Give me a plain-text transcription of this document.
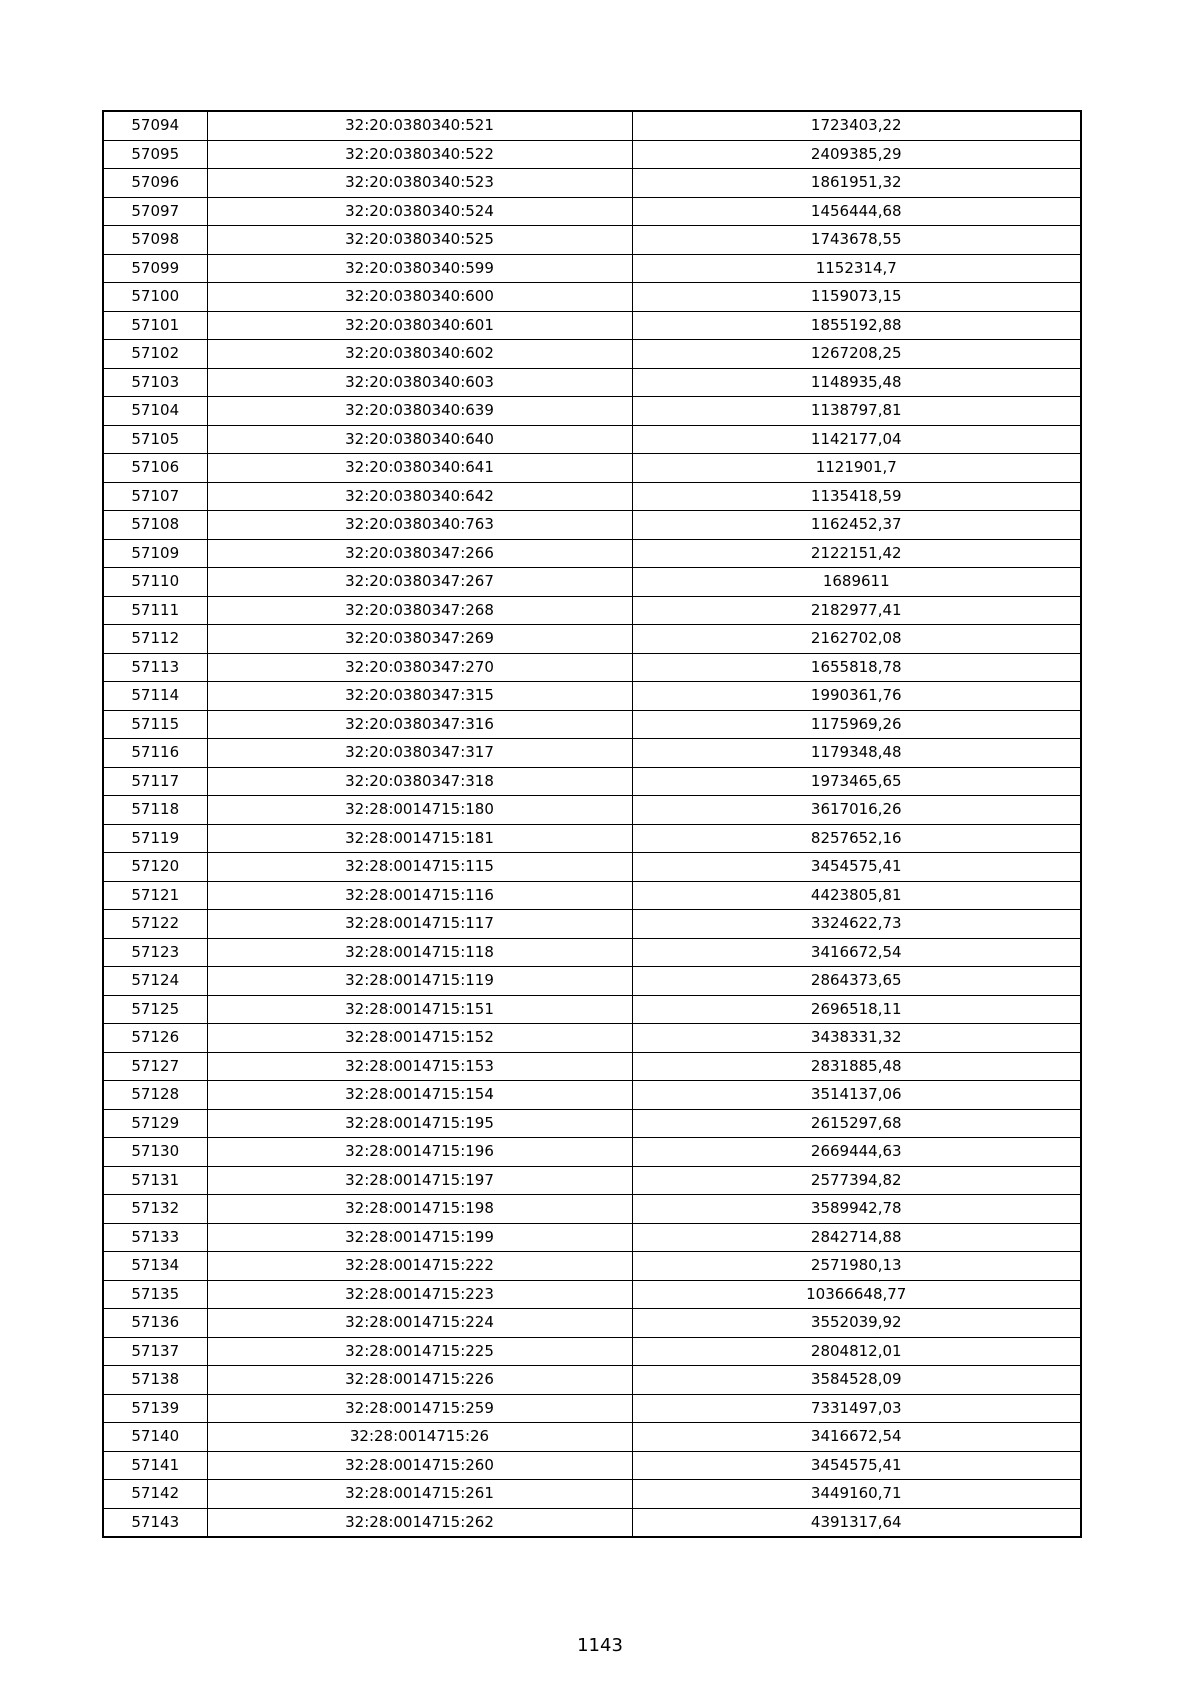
57094	32:20:0380340:521	1723403,22
57095	32:20:0380340:522	2409385,29
57096	32:20:0380340:523	1861951,32
57097	32:20:0380340:524	1456444,68
57098	32:20:0380340:525	1743678,55
57099	32:20:0380340:599	1152314,7
57100	32:20:0380340:600	1159073,15
57101	32:20:0380340:601	1855192,88
57102	32:20:0380340:602	1267208,25
57103	32:20:0380340:603	1148935,48
57104	32:20:0380340:639	1138797,81
57105	32:20:0380340:640	1142177,04
57106	32:20:0380340:641	1121901,7
57107	32:20:0380340:642	1135418,59
57108	32:20:0380340:763	1162452,37
57109	32:20:0380347:266	2122151,42
57110	32:20:0380347:267	1689611
57111	32:20:0380347:268	2182977,41
57112	32:20:0380347:269	2162702,08
57113	32:20:0380347:270	1655818,78
57114	32:20:0380347:315	1990361,76
57115	32:20:0380347:316	1175969,26
57116	32:20:0380347:317	1179348,48
57117	32:20:0380347:318	1973465,65
57118	32:28:0014715:180	3617016,26
57119	32:28:0014715:181	8257652,16
57120	32:28:0014715:115	3454575,41
57121	32:28:0014715:116	4423805,81
57122	32:28:0014715:117	3324622,73
57123	32:28:0014715:118	3416672,54
57124	32:28:0014715:119	2864373,65
57125	32:28:0014715:151	2696518,11
57126	32:28:0014715:152	3438331,32
57127	32:28:0014715:153	2831885,48
57128	32:28:0014715:154	3514137,06
57129	32:28:0014715:195	2615297,68
57130	32:28:0014715:196	2669444,63
57131	32:28:0014715:197	2577394,82
57132	32:28:0014715:198	3589942,78
57133	32:28:0014715:199	2842714,88
57134	32:28:0014715:222	2571980,13
57135	32:28:0014715:223	10366648,77
57136	32:28:0014715:224	3552039,92
57137	32:28:0014715:225	2804812,01
57138	32:28:0014715:226	3584528,09
57139	32:28:0014715:259	7331497,03
57140	32:28:0014715:26	3416672,54
57141	32:28:0014715:260	3454575,41
57142	32:28:0014715:261	3449160,71
57143	32:28:0014715:262	4391317,64
1143
